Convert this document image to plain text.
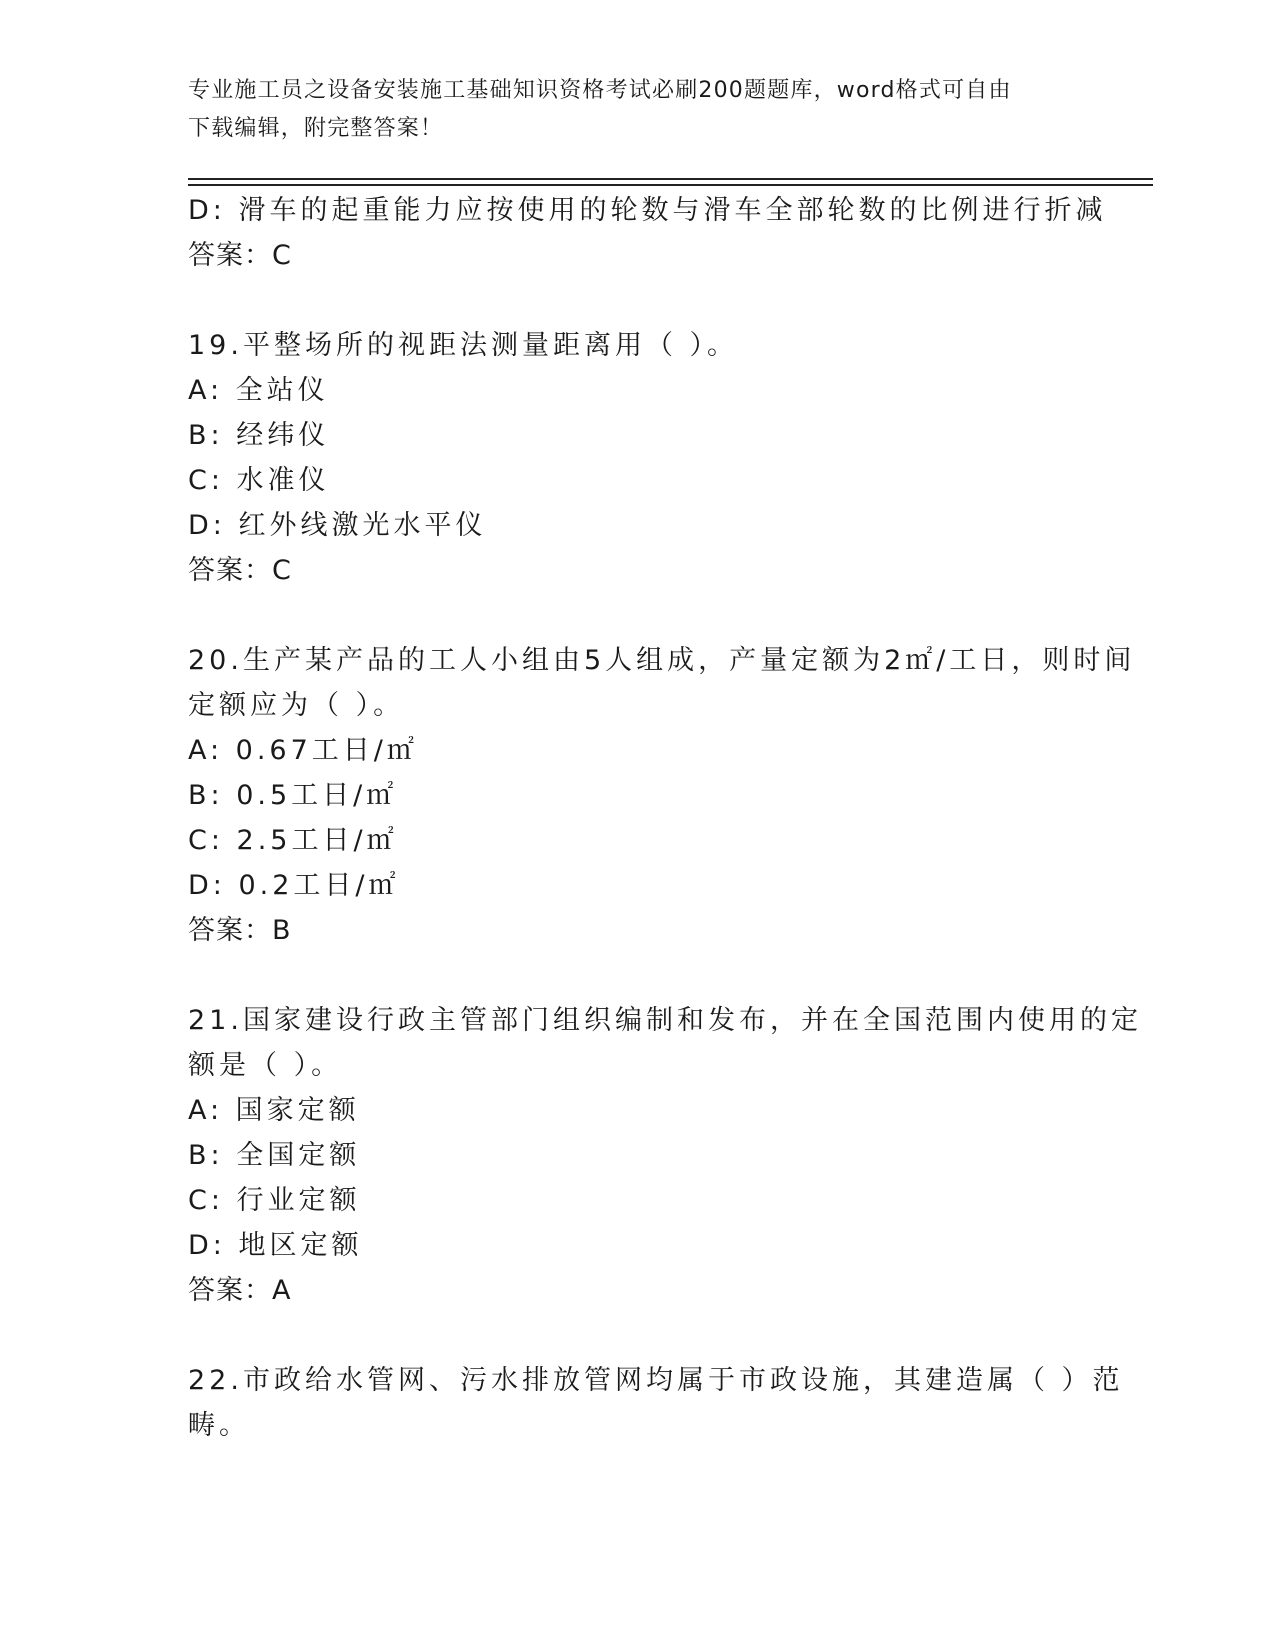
专业施工员之设备安装施工基础知识资格考试必刷200题题库，word格式可自由
下载编辑，附完整答案！
D: 滑车的起重能力应按使用的轮数与滑车全部轮数的比例进行折减
答案：C
19.平整场所的视距法测量距离用（ ）。
A: 全站仪
B: 经纬仪
C: 水准仪
D: 红外线激光水平仪
答案：C
20.生产某产品的工人小组由5人组成，产量定额为2㎡/工日，则时间
定额应为（ ）。
A: 0.67工日/㎡
B: 0.5工日/㎡
C: 2.5工日/㎡
D: 0.2工日/㎡
答案：B
21.国家建设行政主管部门组织编制和发布，并在全国范围内使用的定
额是（ ）。
A: 国家定额
B: 全国定额
C: 行业定额
D: 地区定额
答案：A
22.市政给水管网、污水排放管网均属于市政设施，其建造属（ ）范
畴。
